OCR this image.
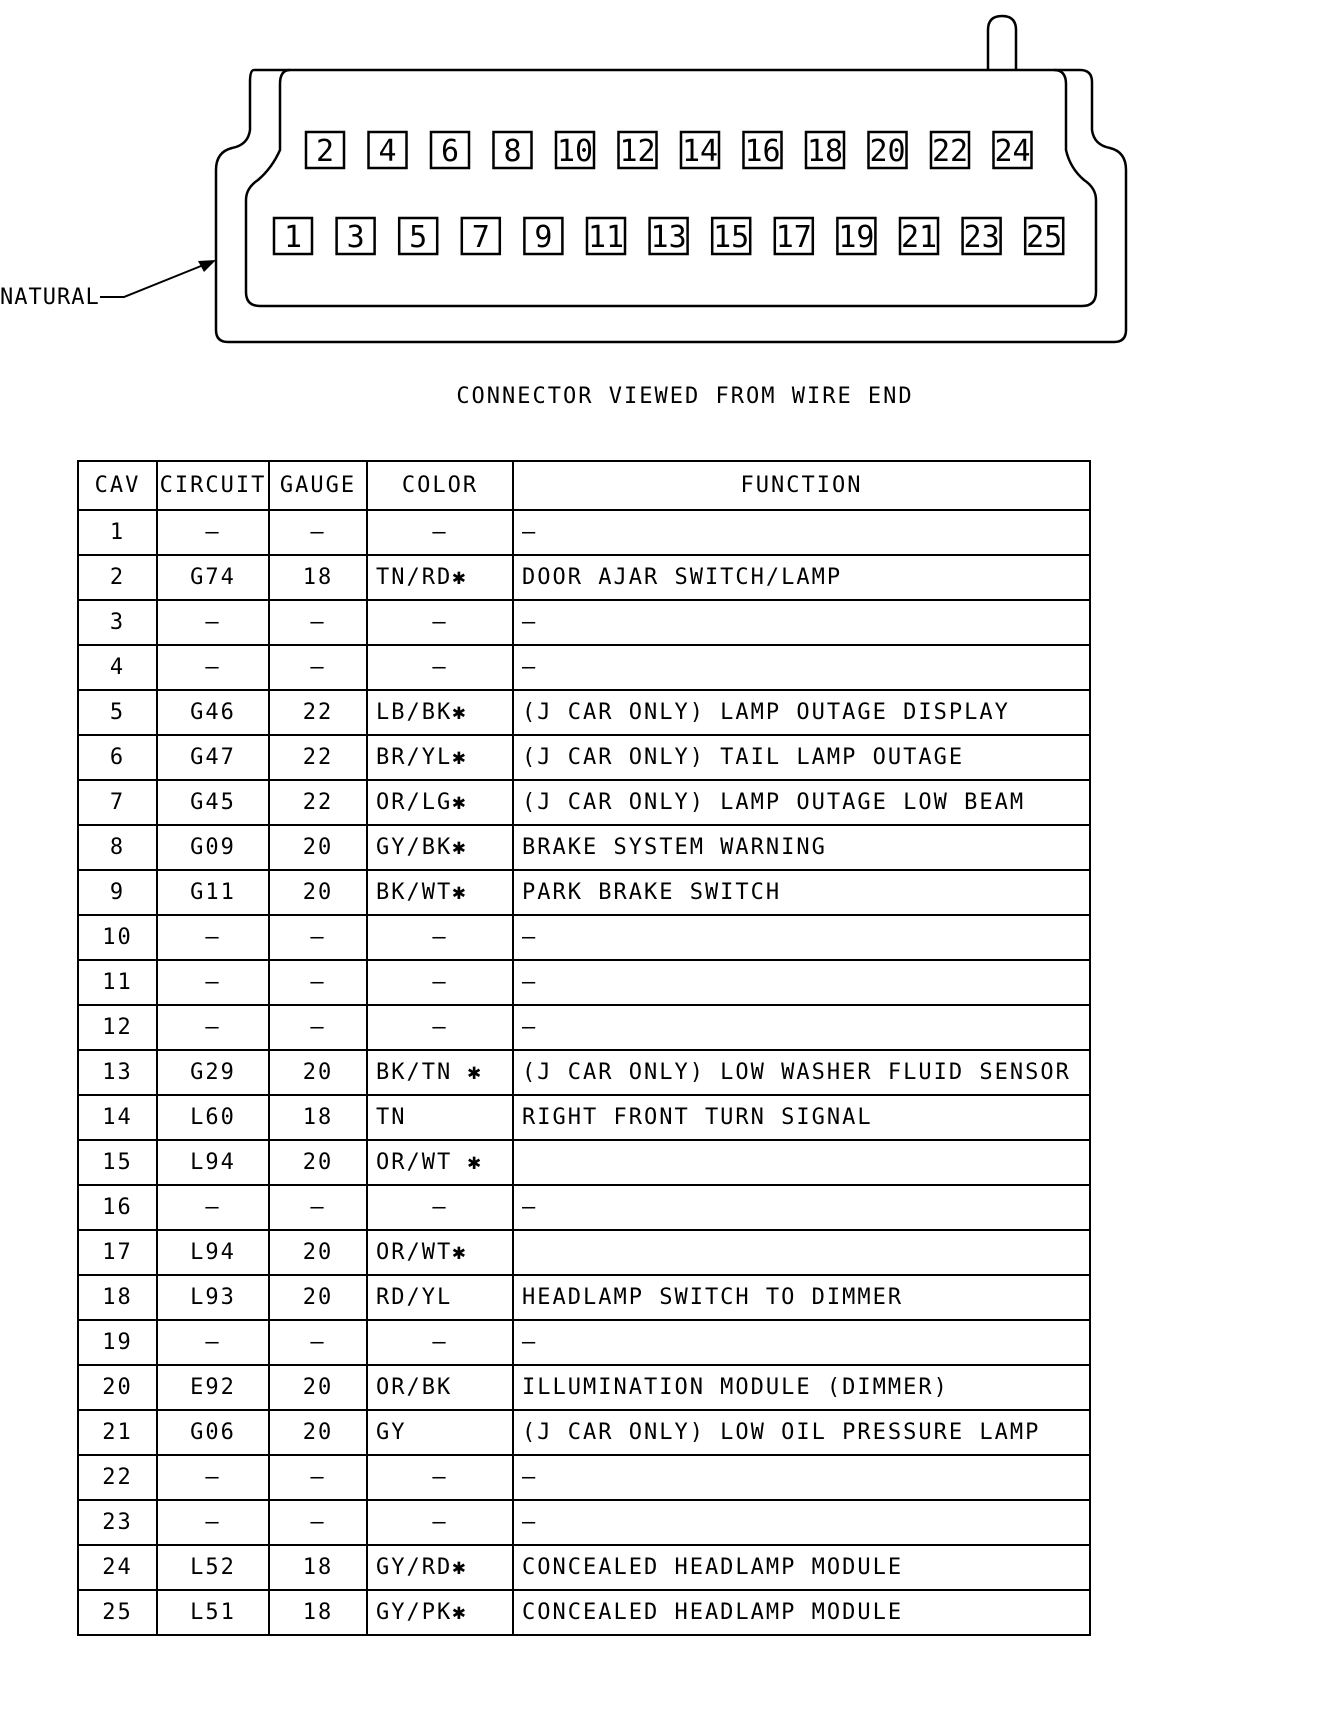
2 4 6 8 10 12 14 16 18 20 22 24
1 3 5 7 9 11 13 15 17 19 21 23 25
NATURAL
CONNECTOR VIEWED FROM WIRE END
CAV	CIRCUIT	GAUGE	COLOR	FUNCTION
1	—	—	—	—
2	G74	18	TN/RD✱	DOOR AJAR SWITCH/LAMP
3	—	—	—	—
4	—	—	—	—
5	G46	22	LB/BK✱	(J CAR ONLY) LAMP OUTAGE DISPLAY
6	G47	22	BR/YL✱	(J CAR ONLY) TAIL LAMP OUTAGE
7	G45	22	OR/LG✱	(J CAR ONLY) LAMP OUTAGE LOW BEAM
8	G09	20	GY/BK✱	BRAKE SYSTEM WARNING
9	G11	20	BK/WT✱	PARK BRAKE SWITCH
10	—	—	—	—
11	—	—	—	—
12	—	—	—	—
13	G29	20	BK/TN ✱	(J CAR ONLY) LOW WASHER FLUID SENSOR
14	L60	18	TN	RIGHT FRONT TURN SIGNAL
15	L94	20	OR/WT ✱	
16	—	—	—	—
17	L94	20	OR/WT✱	
18	L93	20	RD/YL	HEADLAMP SWITCH TO DIMMER
19	—	—	—	—
20	E92	20	OR/BK	ILLUMINATION MODULE (DIMMER)
21	G06	20	GY	(J CAR ONLY) LOW OIL PRESSURE LAMP
22	—	—	—	—
23	—	—	—	—
24	L52	18	GY/RD✱	CONCEALED HEADLAMP MODULE
25	L51	18	GY/PK✱	CONCEALED HEADLAMP MODULE
